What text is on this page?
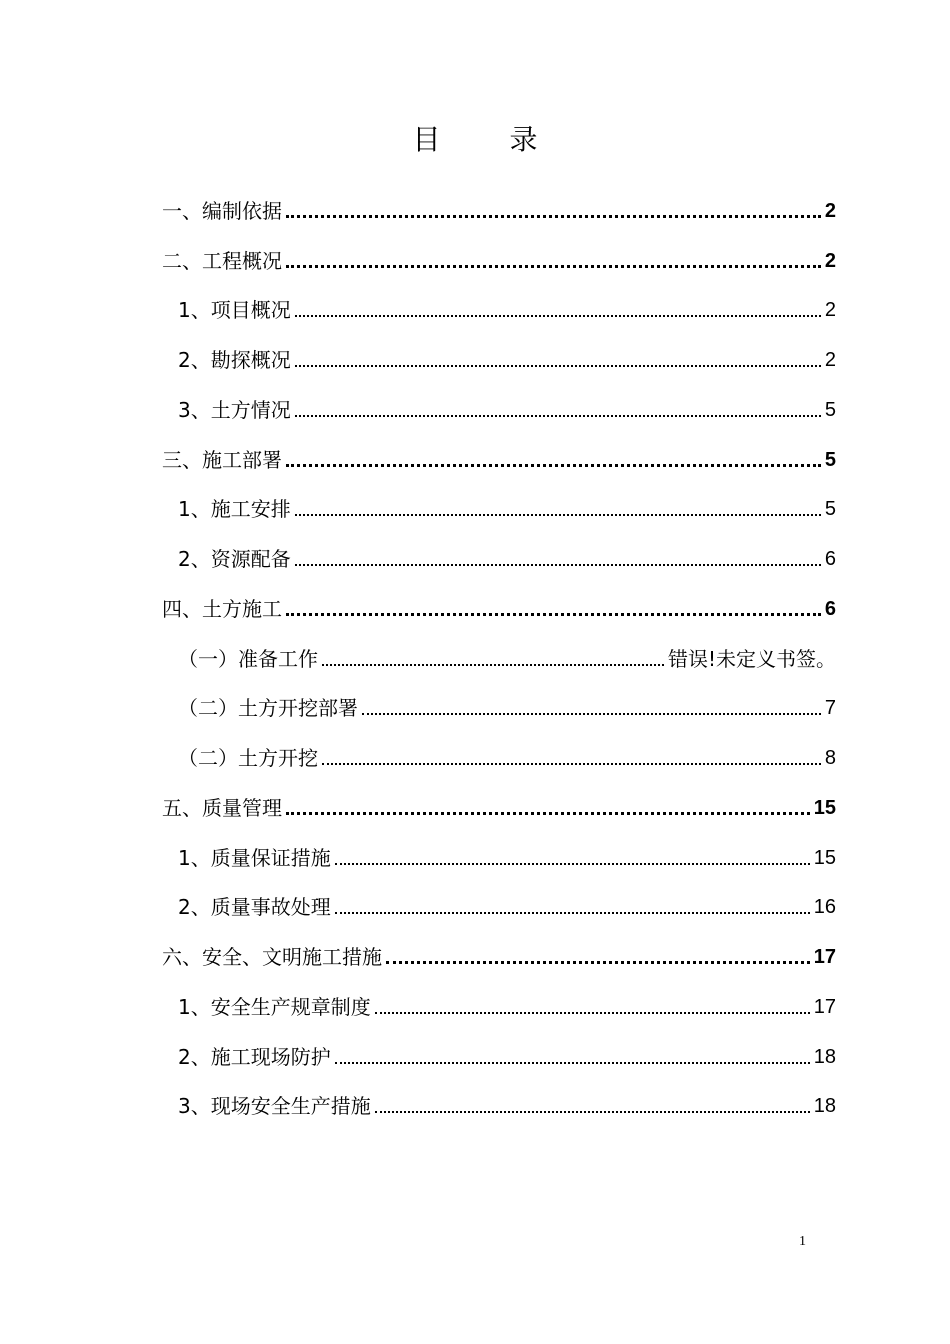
目 录
一、编制依据	2
二、工程概况	2
1、项目概况	2
2、勘探概况	2
3、土方情况	5
三、施工部署	5
1、施工安排	5
2、资源配备	6
四、土方施工	6
（一）准备工作	错误!未定义书签。
（二）土方开挖部署	7
（二）土方开挖	8
五、质量管理	15
1、质量保证措施	15
2、质量事故处理	16
六、安全、文明施工措施	17
1、安全生产规章制度	17
2、施工现场防护	18
3、现场安全生产措施	18
1
